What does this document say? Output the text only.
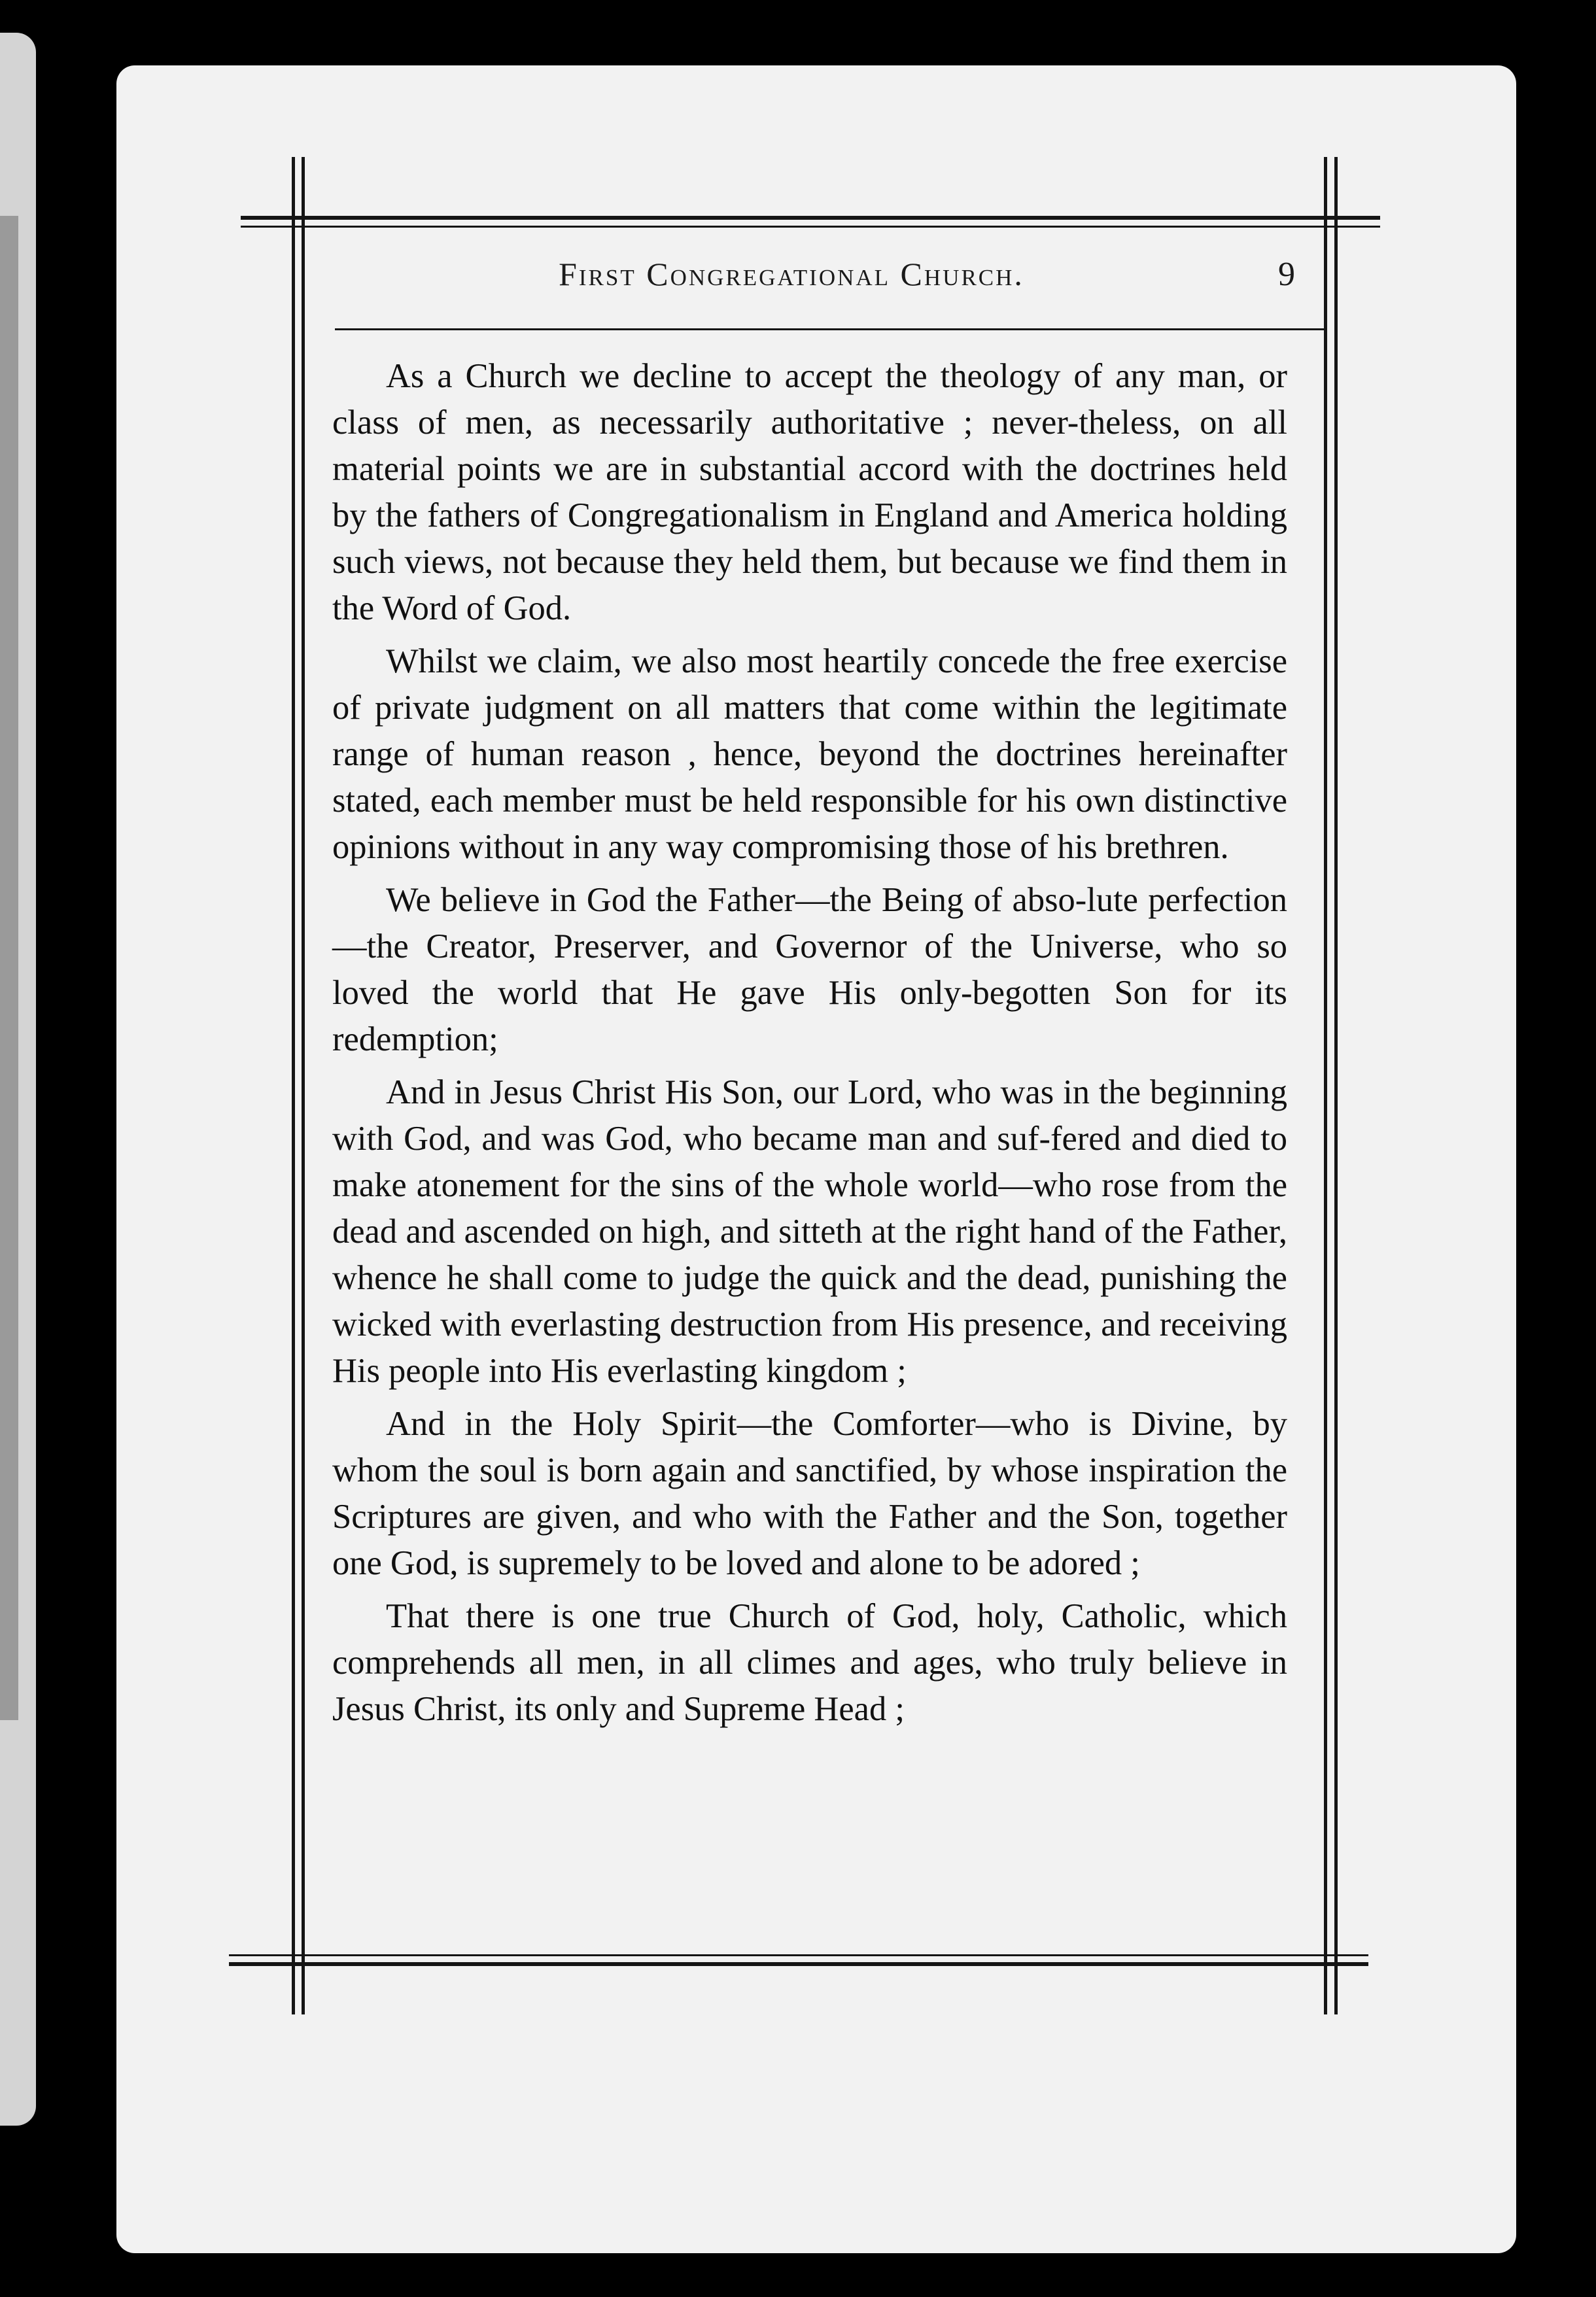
First Congregational Church.	9

As a Church we decline to accept the theology of any man, or class of men, as necessarily authoritative ; never-theless, on all material points we are in substantial accord with the doctrines held by the fathers of Congregationalism in England and America holding such views, not because they held them, but because we find them in the Word of God.

Whilst we claim, we also most heartily concede the free exercise of private judgment on all matters that come within the legitimate range of human reason , hence, beyond the doctrines hereinafter stated, each member must be held responsible for his own distinctive opinions without in any way compromising those of his brethren.

We believe in God the Father—the Being of abso-lute perfection—the Creator, Preserver, and Governor of the Universe, who so loved the world that He gave His only-begotten Son for its redemption;

And in Jesus Christ His Son, our Lord, who was in the beginning with God, and was God, who became man and suf-fered and died to make atonement for the sins of the whole world—who rose from the dead and ascended on high, and sitteth at the right hand of the Father, whence he shall come to judge the quick and the dead, punishing the wicked with everlasting destruction from His presence, and receiving His people into His everlasting kingdom ;

And in the Holy Spirit—the Comforter—who is Divine, by whom the soul is born again and sanctified, by whose inspiration the Scriptures are given, and who with the Father and the Son, together one God, is supremely to be loved and alone to be adored ;

That there is one true Church of God, holy, Catholic, which comprehends all men, in all climes and ages, who truly believe in Jesus Christ, its only and Supreme Head ;
